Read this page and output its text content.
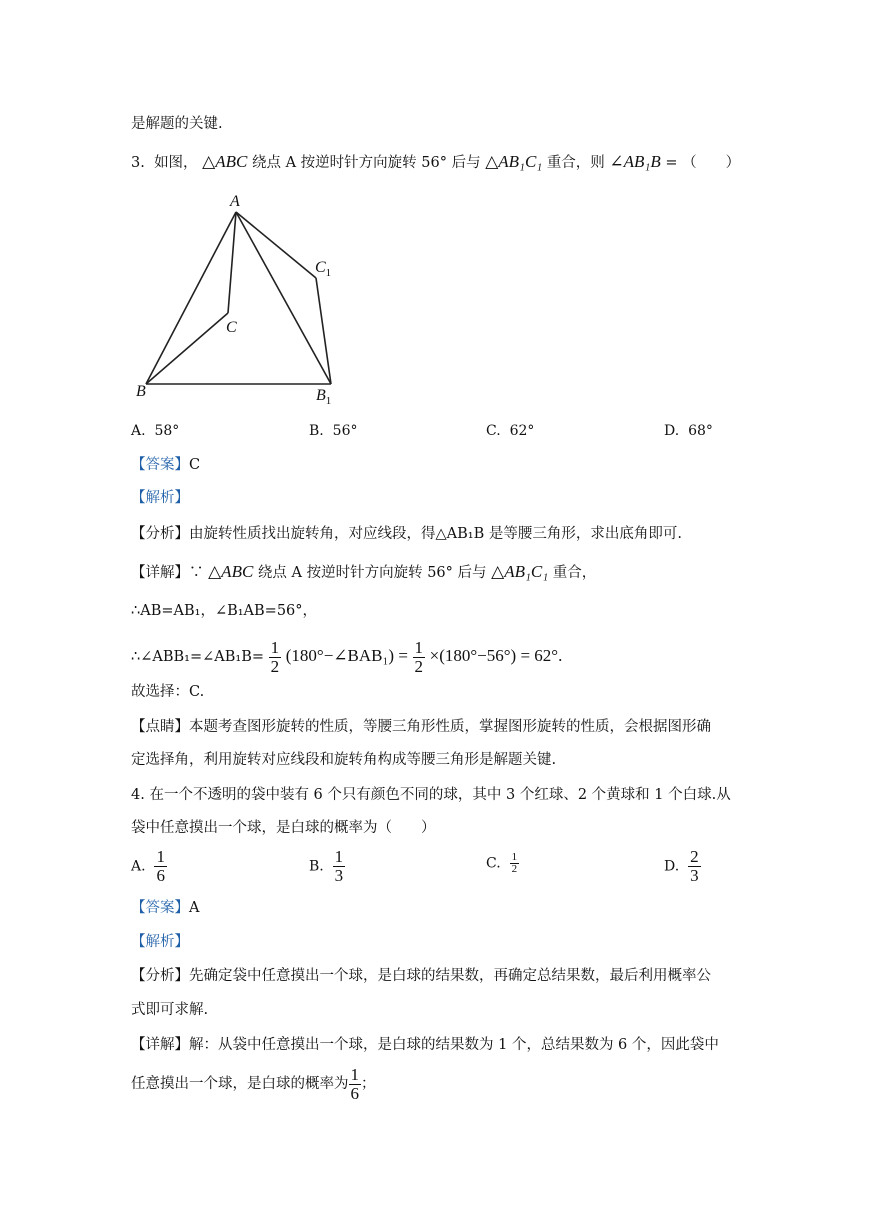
是解题的关键.
3. 如图， △ABC 绕点 A 按逆时针方向旋转 56° 后与 △AB₁C₁ 重合，则 ∠AB₁B = （　　）
A
B
C
$C_1$
$B_1$
A. 58°	B. 56°	C. 62°	D. 68°
【答案】C
【解析】
【分析】由旋转性质找出旋转角，对应线段，得△AB₁B 是等腰三角形，求出底角即可.
【详解】∵ △ABC 绕点 A 按逆时针方向旋转 56° 后与 △AB₁C₁ 重合，
∴AB=AB₁，∠B₁AB=56°，
∴∠ABB₁=∠AB₁B= $\frac{1}{2}$ (180°−∠BAB₁) = $\frac{1}{2} \times(180^\circ-56^\circ) = 62^\circ$.
故选择：C.
【点睛】本题考查图形旋转的性质，等腰三角形性质，掌握图形旋转的性质，会根据图形确
定选择角，利用旋转对应线段和旋转角构成等腰三角形是解题关键.
4. 在一个不透明的袋中装有 6 个只有颜色不同的球，其中 3 个红球、2 个黄球和 1 个白球.从
袋中任意摸出一个球，是白球的概率为（　　）
A. $\frac{1}{6}$	B. $\frac{1}{3}$	C. $\frac{1}{2}$	D. $\frac{2}{3}$
【答案】A
【解析】
【分析】先确定袋中任意摸出一个球，是白球的结果数，再确定总结果数，最后利用概率公
式即可求解.
【详解】解：从袋中任意摸出一个球，是白球的结果数为 1 个，总结果数为 6 个，因此袋中
任意摸出一个球，是白球的概率为 $\frac{1}{6}$ ；
